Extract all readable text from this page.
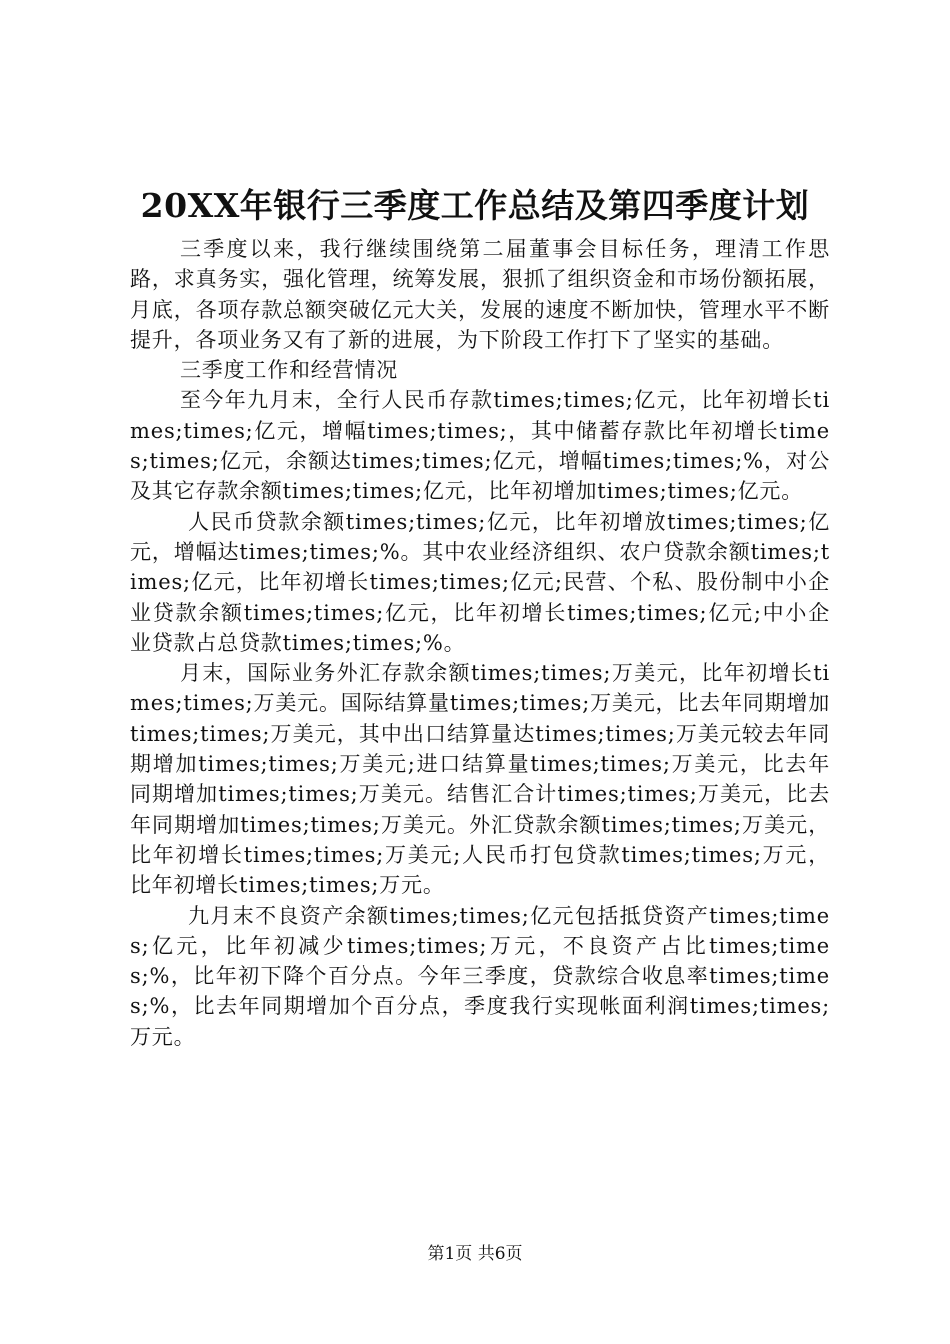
20XX年银行三季度工作总结及第四季度计划

三季度以来，我行继续围绕第二届董事会目标任务，理清工作思路，求真务实，强化管理，统筹发展，狠抓了组织资金和市场份额拓展，月底，各项存款总额突破亿元大关，发展的速度不断加快，管理水平不断提升，各项业务又有了新的进展，为下阶段工作打下了坚实的基础。

三季度工作和经营情况

至今年九月末，全行人民币存款times;times;亿元，比年初增长times;times;亿元，增幅times;times;，其中储蓄存款比年初增长times;times;亿元，余额达times;times;亿元，增幅times;times;%，对公及其它存款余额times;times;亿元，比年初增加times;times;亿元。

人民币贷款余额times;times;亿元，比年初增放times;times;亿元，增幅达times;times;%。其中农业经济组织、农户贷款余额times;times;亿元，比年初增长times;times;亿元;民营、个私、股份制中小企业贷款余额times;times;亿元，比年初增长times;times;亿元;中小企业贷款占总贷款times;times;%。

月末，国际业务外汇存款余额times;times;万美元，比年初增长times;times;万美元。国际结算量times;times;万美元，比去年同期增加times;times;万美元，其中出口结算量达times;times;万美元较去年同期增加times;times;万美元;进口结算量times;times;万美元，比去年同期增加times;times;万美元。结售汇合计times;times;万美元，比去年同期增加times;times;万美元。外汇贷款余额times;times;万美元，比年初增长times;times;万美元;人民币打包贷款times;times;万元，比年初增长times;times;万元。

九月末不良资产余额times;times;亿元包括抵贷资产times;times;亿元，比年初减少times;times;万元，不良资产占比times;times;%，比年初下降个百分点。今年三季度，贷款综合收息率times;times;%，比去年同期增加个百分点，季度我行实现帐面利润times;times;万元。

第1页 共6页
